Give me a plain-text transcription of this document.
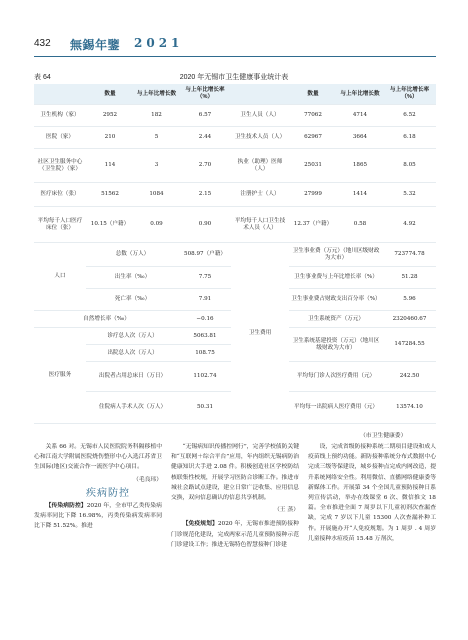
432 無錫年鑒 2021
表 64	2020 年无锡市卫生健康事业统计表
	数量	与上年比增长数	与上年比增长率（%）		数量	与上年比增长数	与上年比增长率（%）
卫生机构（家）	2952	182	6.57	卫生人员（人）	77062	4714	6.52
医院（家）	210	5	2.44	卫生技术人员（人）	62967	3664	6.18
社区卫生服务中心（卫生院）（家）	114	3	2.70	执业（助理）医师（人）	25031	1865	8.05
医疗床位（张）	51562	1084	2.15	注册护士（人）	27999	1414	5.32
平均每千人口医疗床位（张）	10.15（户籍）	0.09	0.90	平均每千人口卫生技术人员（人）	12.37（户籍）	0.58	4.92
人口	总数（万人）		508.97（户籍）	卫生费用	卫生事业费（万元）（地川区级财政为大市）		723774.78
	出生率（‰）		7.75		卫生事业费与上年比增长率（%）		51.28
	死亡率（‰）		7.91		卫生事业费占财政支出百分率（%）		5.96
自然增长率（‰）			−0.16		卫生系统资产（万元）		2320460.67
医疗服务	诊疗总人次（万人）		5063.81		卫生系统基建投资（万元）（地川区级财政为大市）		147284.55
	出院总人次（万人）		108.75				
	出院者占用总床日（万日）		1102.74		平均每门诊人次医疗费用（元）		242.50
	住院病人手术人次（万人）		50.31		平均每一出院病人医疗费用（元）		13574.10
（市卫生健康委）

关系 66 对。无锡市人民医院院务科隔移植中心和江南大学附属医院烧伤整形中心入选江苏省卫生国际(地区)交流合作一流医学中心项目。

（毛良玮）

疾病防控

【传染病防控】2020 年，全市甲乙类传染病发病率同比下降 16.98%，丙类传染病发病率同比下降 51.52%。推进

“无锡病知识传播控网行”，完善学校侦防关键和“互联网＋综合平台”应用，年内组织无锡病防治健康知识大手进 2.08 件。积极创造社区学校防结核联集性校规，开展学习医防合诊断工作。推进市城社会路试点建设，建立日常广泛收集、应用信息交换，双向信息确认的信息共享机制。

（王 蒸）

【免疫规划】2020 年，无锡市推进预防接种门诊规范化建设，完成两家示范儿童预防接种示范门诊建设工作；推进无锡特色智慧接种门诊建

设，完成省级防接种系统二期项目建设和成人疫苗线上预约功能。新防接种系统分布式数据中心完成三级等保建设，城乡接种点完成内网改造，提升系统网络安全性。利用微信、直播网络健康委等新媒体工作。开展第 34 个全国儿童预防接种日系列宣传活动，举办在线课堂 6 次、微信推文 18 篇。全市推进全面 7 周岁以下儿童初剂次查漏查缺，完成 7 岁以下儿童 15300 人次查漏补种工作。开展施办开“人免疫规划。为 1 周岁 . 4 周岁儿童接种水痘疫苗 15.48 万剂次，
